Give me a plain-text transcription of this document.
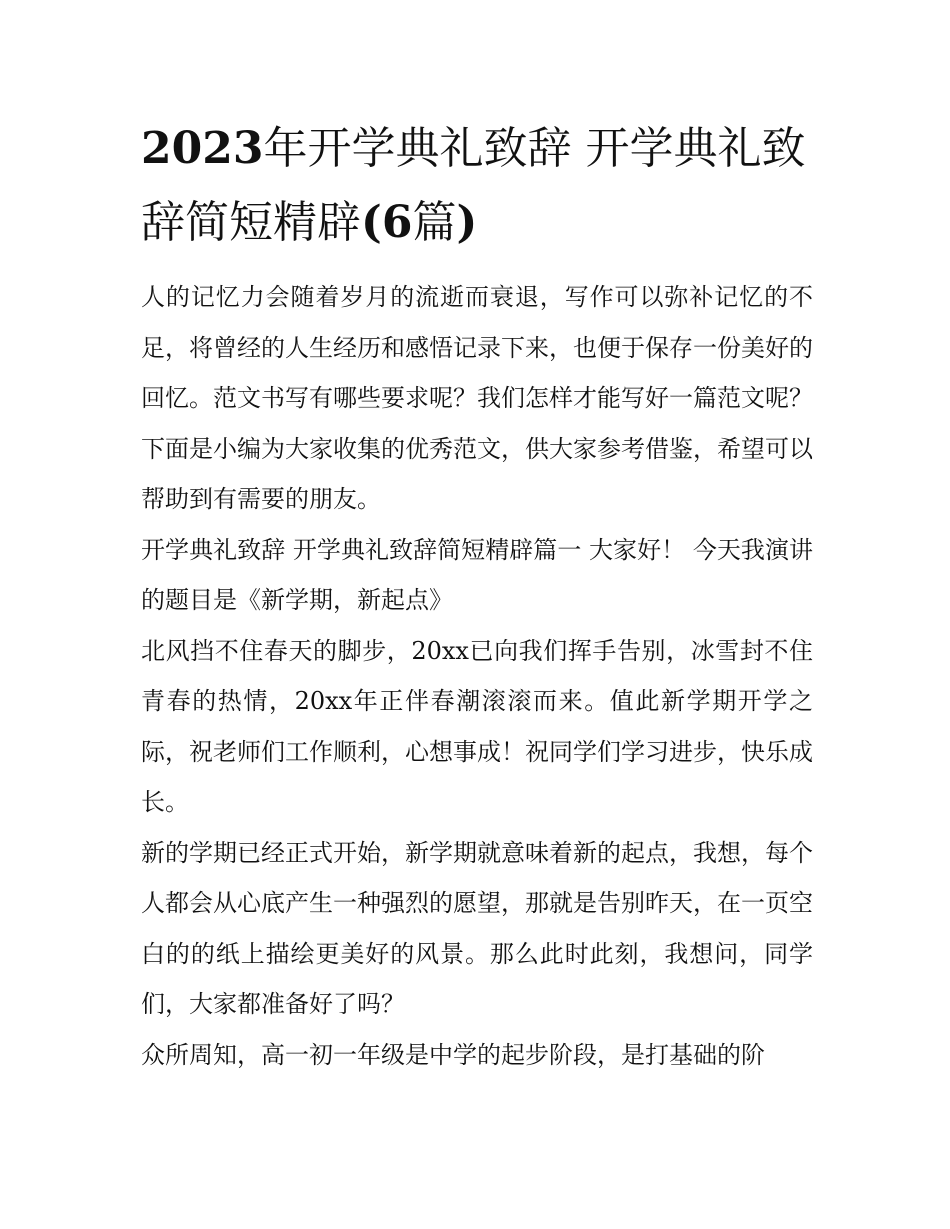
2023年开学典礼致辞 开学典礼致辞简短精辟(6篇)

人的记忆力会随着岁月的流逝而衰退，写作可以弥补记忆的不足，将曾经的人生经历和感悟记录下来，也便于保存一份美好的回忆。范文书写有哪些要求呢？我们怎样才能写好一篇范文呢？下面是小编为大家收集的优秀范文，供大家参考借鉴，希望可以帮助到有需要的朋友。

开学典礼致辞 开学典礼致辞简短精辟篇一 大家好！ 今天我演讲的题目是《新学期，新起点》

北风挡不住春天的脚步，20xx已向我们挥手告别，冰雪封不住青春的热情，20xx年正伴春潮滚滚而来。值此新学期开学之际，祝老师们工作顺利，心想事成！祝同学们学习进步，快乐成长。

新的学期已经正式开始，新学期就意味着新的起点，我想，每个人都会从心底产生一种强烈的愿望，那就是告别昨天，在一页空白的的纸上描绘更美好的风景。那么此时此刻，我想问，同学们，大家都准备好了吗？

众所周知，高一初一年级是中学的起步阶段，是打基础的阶
